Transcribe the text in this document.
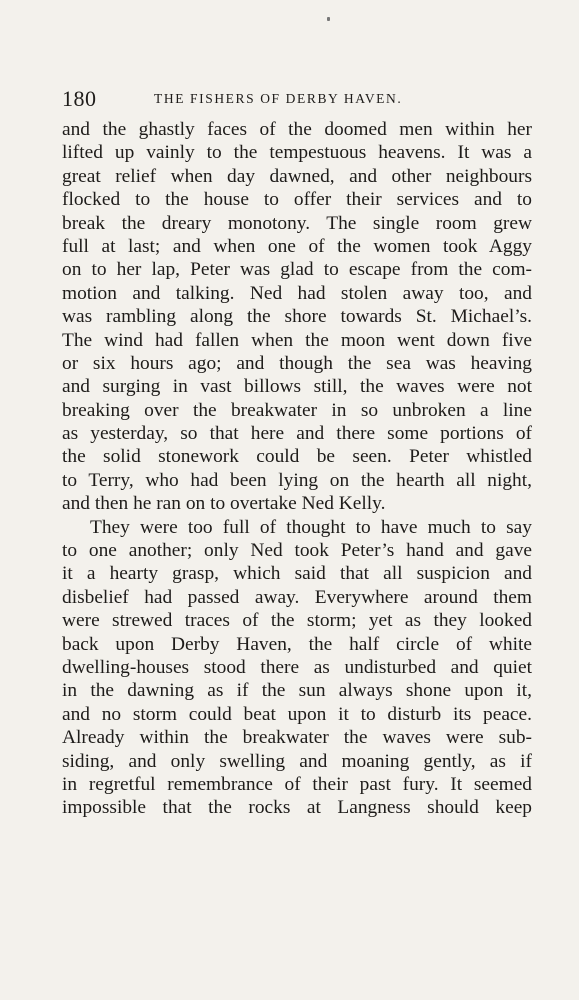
180	THE FISHERS OF DERBY HAVEN.
and the ghastly faces of the doomed men within her
lifted up vainly to the tempestuous heavens. It was a
great relief when day dawned, and other neighbours
flocked to the house to offer their services and to
break the dreary monotony. The single room grew
full at last; and when one of the women took Aggy
on to her lap, Peter was glad to escape from the com-
motion and talking. Ned had stolen away too, and
was rambling along the shore towards St. Michael’s.
The wind had fallen when the moon went down five
or six hours ago; and though the sea was heaving
and surging in vast billows still, the waves were not
breaking over the breakwater in so unbroken a line
as yesterday, so that here and there some portions of
the solid stonework could be seen. Peter whistled
to Terry, who had been lying on the hearth all night,
and then he ran on to overtake Ned Kelly.
They were too full of thought to have much to say
to one another; only Ned took Peter’s hand and gave
it a hearty grasp, which said that all suspicion and
disbelief had passed away. Everywhere around them
were strewed traces of the storm; yet as they looked
back upon Derby Haven, the half circle of white
dwelling-houses stood there as undisturbed and quiet
in the dawning as if the sun always shone upon it,
and no storm could beat upon it to disturb its peace.
Already within the breakwater the waves were sub-
siding, and only swelling and moaning gently, as if
in regretful remembrance of their past fury. It seemed
impossible that the rocks at Langness should keep
